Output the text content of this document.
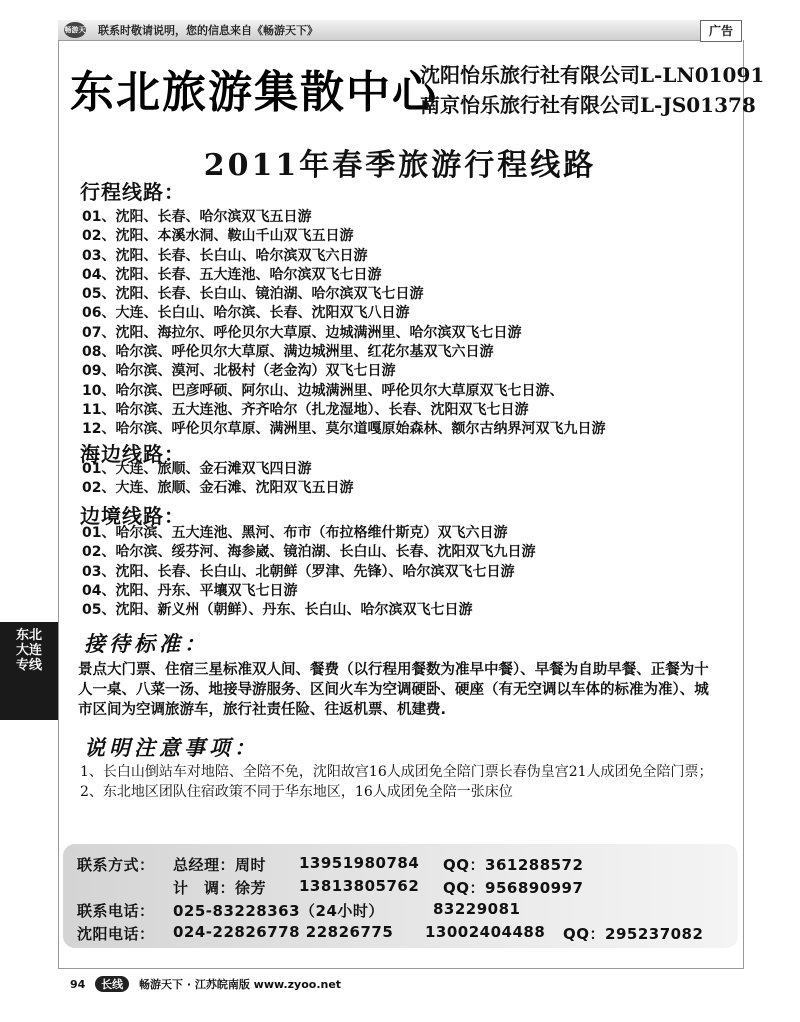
畅游天下
联系时敬请说明，您的信息来自《畅游天下》	广告
东北旅游集散中心
沈阳怡乐旅行社有限公司L-LN01091
南京怡乐旅行社有限公司L-JS01378
2011年春季旅游行程线路
行程线路：
01、沈阳、长春、哈尔滨双飞五日游
02、沈阳、本溪水洞、鞍山千山双飞五日游
03、沈阳、长春、长白山、哈尔滨双飞六日游
04、沈阳、长春、五大连池、哈尔滨双飞七日游
05、沈阳、长春、长白山、镜泊湖、哈尔滨双飞七日游
06、大连、长白山、哈尔滨、长春、沈阳双飞八日游
07、沈阳、海拉尔、呼伦贝尔大草原、边城满洲里、哈尔滨双飞七日游
08、哈尔滨、呼伦贝尔大草原、满边城洲里、红花尔基双飞六日游
09、哈尔滨、漠河、北极村（老金沟）双飞七日游
10、哈尔滨、巴彦呼硕、阿尔山、边城满洲里、呼伦贝尔大草原双飞七日游、
11、哈尔滨、五大连池、齐齐哈尔（扎龙湿地）、长春、沈阳双飞七日游
12、哈尔滨、呼伦贝尔草原、满洲里、莫尔道嘎原始森林、额尔古纳界河双飞九日游
海边线路：
01、大连、旅顺、金石滩双飞四日游
02、大连、旅顺、金石滩、沈阳双飞五日游
边境线路：
01、哈尔滨、五大连池、黑河、布市（布拉格维什斯克）双飞六日游
02、哈尔滨、绥芬河、海参崴、镜泊湖、长白山、长春、沈阳双飞九日游
03、沈阳、长春、长白山、北朝鲜（罗津、先锋）、哈尔滨双飞七日游
04、沈阳、丹东、平壤双飞七日游
05、沈阳、新义州（朝鲜）、丹东、长白山、哈尔滨双飞七日游
东北
大连
专线
接待标准：
景点大门票、住宿三星标准双人间、餐费（以行程用餐数为准早中餐）、早餐为自助早餐、正餐为十人一桌、八菜一汤、地接导游服务、区间火车为空调硬卧、硬座（有无空调以车体的标准为准）、城市区间为空调旅游车，旅行社责任险、往返机票、机建费.
说明注意事项：

1、长白山倒站车对地陪、全陪不免，沈阳故宫16人成团免全陪门票长春伪皇宫21人成团免全陪门票；

2、东北地区团队住宿政策不同于华东地区，16人成团免全陪一张床位

联系方式： 总经理：周时 13951980784 QQ：361288572
计　调：徐芳 13813805762 QQ：956890997
联系电话： 025-83228363（24小时）	83229081
沈阳电话： 024-22826778 22826775 13002404488 QQ：295237082
94 长线 畅游天下 · 江苏皖南版 www.zyoo.net
